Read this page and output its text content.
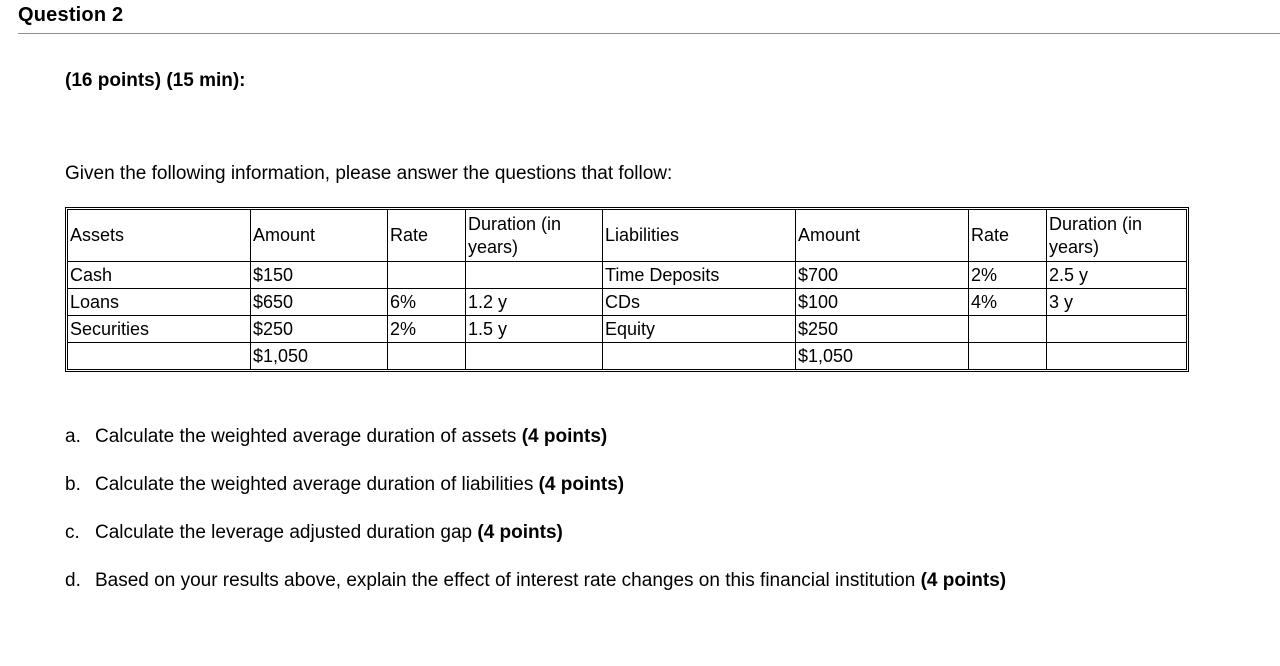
Question 2
(16 points) (15 min):
Given the following information, please answer the questions that follow:
Assets	Amount	Rate	Duration (in years)	Liabilities	Amount	Rate	Duration (in years)
Cash	$150			Time Deposits	$700	2%	2.5 y
Loans	$650	6%	1.2 y	CDs	$100	4%	3 y
Securities	$250	2%	1.5 y	Equity	$250		
	$1,050				$1,050		
a. Calculate the weighted average duration of assets (4 points)
b. Calculate the weighted average duration of liabilities (4 points)
c. Calculate the leverage adjusted duration gap (4 points)
d. Based on your results above, explain the effect of interest rate changes on this financial institution (4 points)
